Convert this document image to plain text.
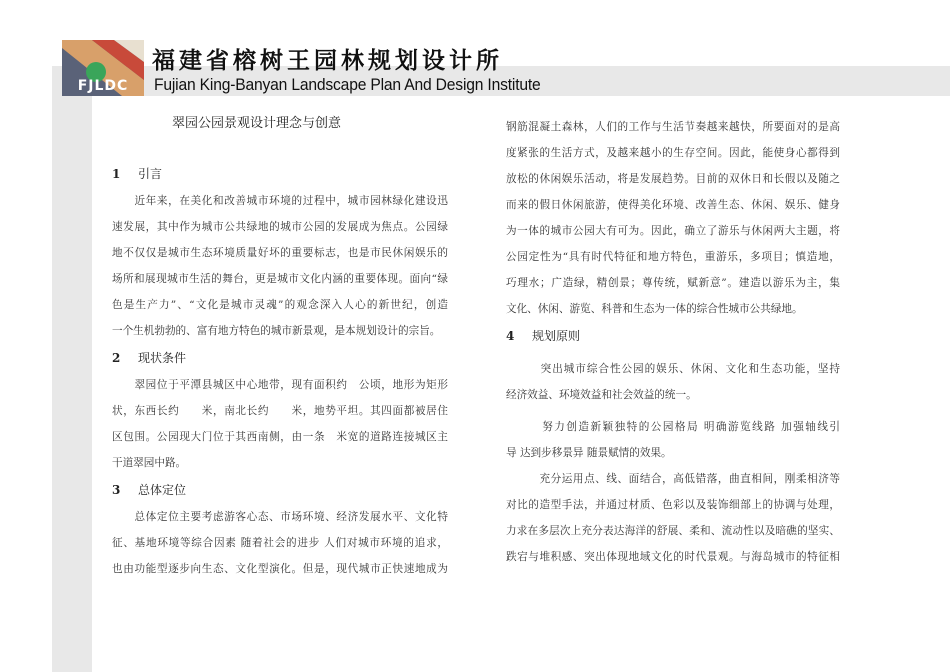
FJLDC
福建省榕树王园林规划设计所
Fujian King-Banyan Landscape Plan And Design Institute
翠园公园景观设计理念与创意
1 引言
　　近年来，在美化和改善城市环境的过程中，城市园林绿化建设迅
速发展，其中作为城市公共绿地的城市公园的发展成为焦点。公园绿
地不仅仅是城市生态环境质量好坏的重要标志，也是市民休闲娱乐的
场所和展现城市生活的舞台，更是城市文化内涵的重要体现。面向“绿
色是生产力”、“文化是城市灵魂”的观念深入人心的新世纪，创造
一个生机勃勃的、富有地方特色的城市新景观，是本规划设计的宗旨。
2 现状条件
　　翠园位于平潭县城区中心地带，现有面积约　公顷，地形为矩形
状，东西长约　　米，南北长约　　米，地势平坦。其四面都被居住
区包围。公园现大门位于其西南侧，由一条　米宽的道路连接城区主
干道翠园中路。
3 总体定位
　　总体定位主要考虑游客心态、市场环境、经济发展水平、文化特
征、基地环境等综合因素 随着社会的进步 人们对城市环境的追求，
也由功能型逐步向生态、文化型演化。但是，现代城市正快速地成为
钢筋混凝土森林，人们的工作与生活节奏越来越快，所要面对的是高
度紧张的生活方式，及越来越小的生存空间。因此，能使身心都得到
放松的休闲娱乐活动，将是发展趋势。目前的双休日和长假以及随之
而来的假日休闲旅游，使得美化环境、改善生态、休闲、娱乐、健身
为一体的城市公园大有可为。因此，确立了游乐与休闲两大主题，将
公园定性为“具有时代特征和地方特色，重游乐，多项目；慎造地，
巧理水；广造绿，精创景；尊传统，赋新意”。建造以游乐为主，集
文化、休闲、游览、科普和生态为一体的综合性城市公共绿地。
4 规划原则
　　　突出城市综合性公园的娱乐、休闲、文化和生态功能，坚持
经济效益、环境效益和社会效益的统一。
　　　努力创造新颖独特的公园格局 明确游览线路 加强轴线引
导 达到步移景异 随景赋情的效果。
　　　充分运用点、线、面结合，高低错落，曲直相间，刚柔相济等
对比的造型手法，并通过材质、色彩以及装饰细部上的协调与处理，
力求在多层次上充分表达海洋的舒展、柔和、流动性以及暗礁的坚实、
跌宕与堆积感、突出体现地域文化的时代景观。与海岛城市的特征相
